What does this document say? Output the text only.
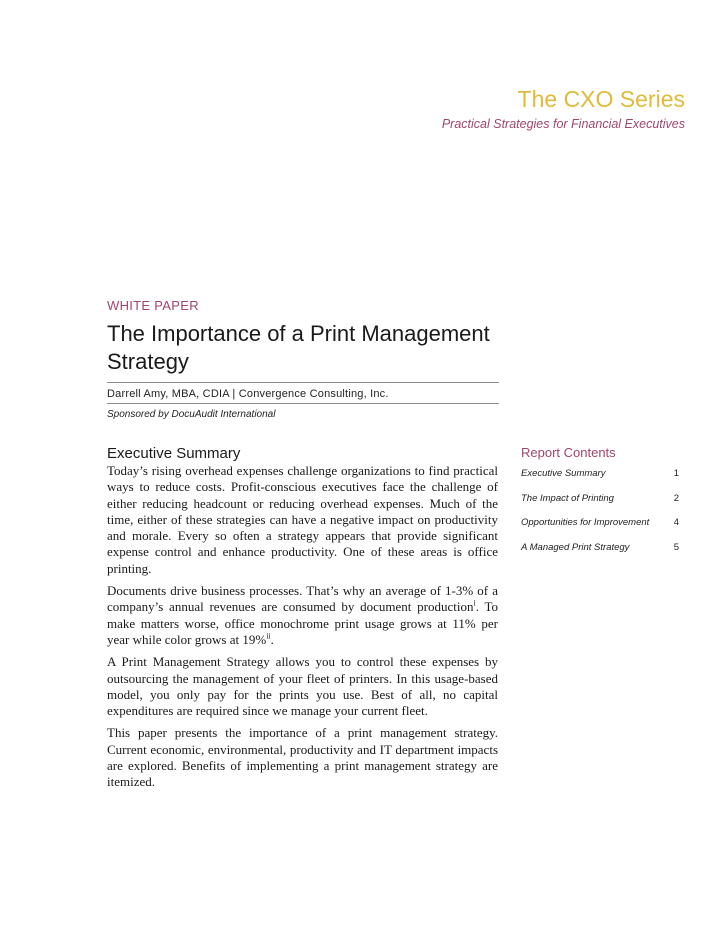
The CXO Series
Practical Strategies for Financial Executives
WHITE PAPER
The Importance of a Print Management Strategy
Darrell Amy, MBA, CDIA | Convergence Consulting, Inc.
Sponsored by DocuAudit International
Executive Summary

Today’s rising overhead expenses challenge organizations to find practical ways to reduce costs. Profit-conscious executives face the challenge of either reducing headcount or reducing overhead expenses. Much of the time, either of these strategies can have a negative impact on productivity and morale. Every so often a strategy appears that provide significant expense control and enhance productivity. One of these areas is office printing.

Documents drive business processes. That’s why an average of 1-3% of a company’s annual revenues are consumed by document production$^i$. To make matters worse, office monochrome print usage grows at 11% per year while color grows at 19%$^{ii}$.

A Print Management Strategy allows you to control these expenses by outsourcing the management of your fleet of printers. In this usage-based model, you only pay for the prints you use. Best of all, no capital expenditures are required since we manage your current fleet.

This paper presents the importance of a print management strategy. Current economic, environmental, productivity and IT department impacts are explored. Benefits of implementing a print management strategy are itemized.

Report Contents
Executive Summary	1
The Impact of Printing	2
Opportunities for Improvement	4
A Managed Print Strategy	5
